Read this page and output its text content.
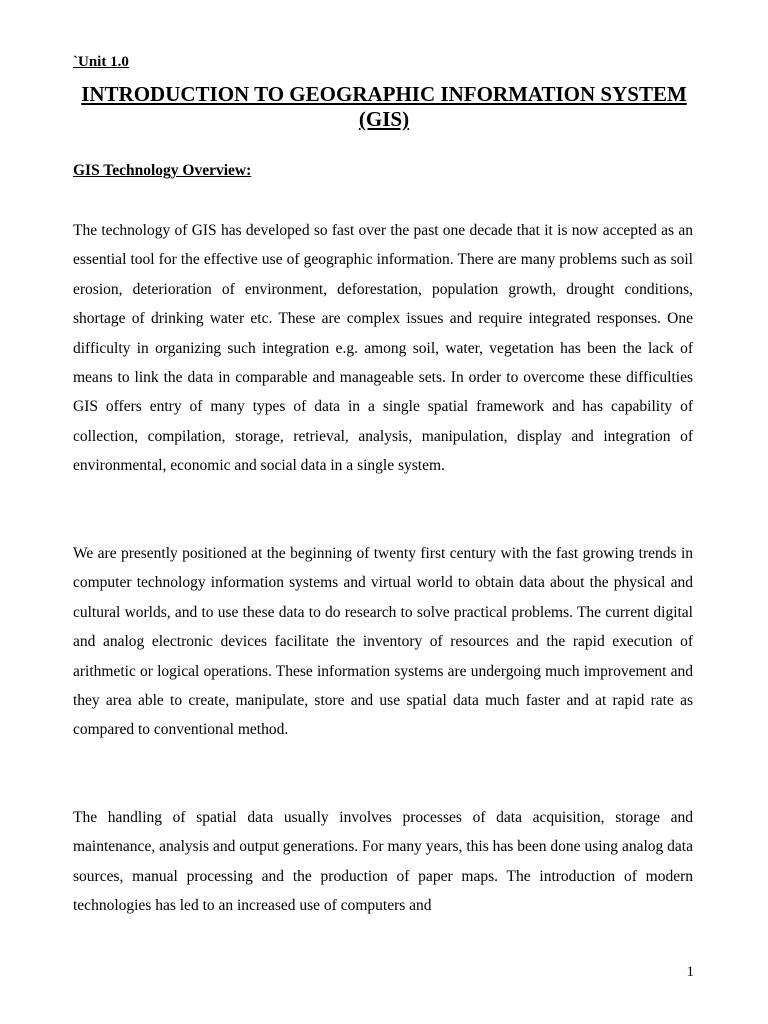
`Unit 1.0
INTRODUCTION TO GEOGRAPHIC INFORMATION SYSTEM (GIS)
GIS Technology Overview:

The technology of GIS has developed so fast over the past one decade that it is now accepted as an essential tool for the effective use of geographic information. There are many problems such as soil erosion, deterioration of environment, deforestation, population growth, drought conditions, shortage of drinking water etc. These are complex issues and require integrated responses. One difficulty in organizing such integration e.g. among soil, water, vegetation has been the lack of means to link the data in comparable and manageable sets. In order to overcome these difficulties GIS offers entry of many types of data in a single spatial framework and has capability of collection, compilation, storage, retrieval, analysis, manipulation, display and integration of environmental, economic and social data in a single system.

We are presently positioned at the beginning of twenty first century with the fast growing trends in computer technology information systems and virtual world to obtain data about the physical and cultural worlds, and to use these data to do research to solve practical problems. The current digital and analog electronic devices facilitate the inventory of resources and the rapid execution of arithmetic or logical operations. These information systems are undergoing much improvement and they area able to create, manipulate, store and use spatial data much faster and at rapid rate as compared to conventional method.

The handling of spatial data usually involves processes of data acquisition, storage and maintenance, analysis and output generations. For many years, this has been done using analog data sources, manual processing and the production of paper maps. The introduction of modern technologies has led to an increased use of computers and

1
